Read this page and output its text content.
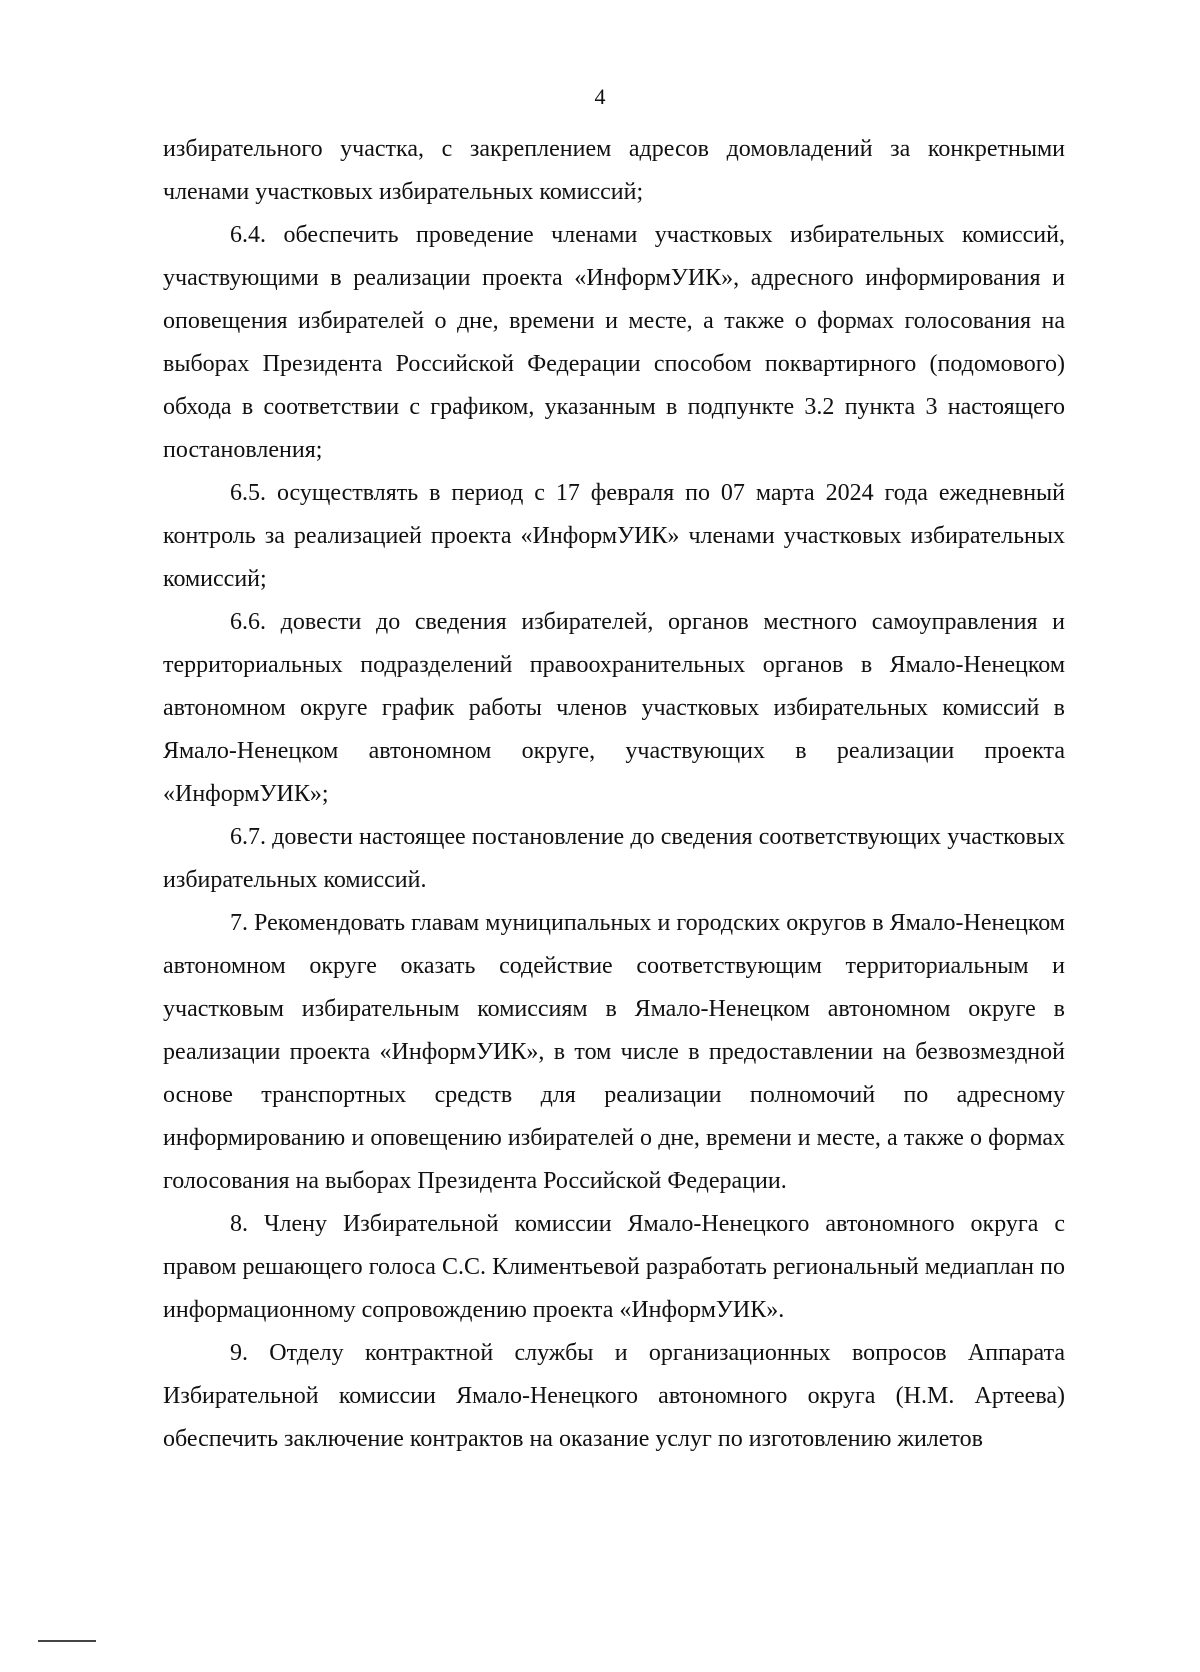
4

избирательного участка, с закреплением адресов домовладений за конкретными членами участковых избирательных комиссий;

6.4. обеспечить проведение членами участковых избирательных комиссий, участвующими в реализации проекта «ИнформУИК», адресного информирования и оповещения избирателей о дне, времени и месте, а также о формах голосования на выборах Президента Российской Федерации способом поквартирного (подомового) обхода в соответствии с графиком, указанным в подпункте 3.2 пункта 3 настоящего постановления;

6.5. осуществлять в период с 17 февраля по 07 марта 2024 года ежедневный контроль за реализацией проекта «ИнформУИК» членами участковых избирательных комиссий;

6.6. довести до сведения избирателей, органов местного самоуправления и территориальных подразделений правоохранительных органов в Ямало-Ненецком автономном округе график работы членов участковых избирательных комиссий в Ямало-Ненецком автономном округе, участвующих в реализации проекта «ИнформУИК»;

6.7. довести настоящее постановление до сведения соответствующих участковых избирательных комиссий.

7. Рекомендовать главам муниципальных и городских округов в Ямало-Ненецком автономном округе оказать содействие соответствующим территориальным и участковым избирательным комиссиям в Ямало-Ненецком автономном округе в реализации проекта «ИнформУИК», в том числе в предоставлении на безвозмездной основе транспортных средств для реализации полномочий по адресному информированию и оповещению избирателей о дне, времени и месте, а также о формах голосования на выборах Президента Российской Федерации.

8. Члену Избирательной комиссии Ямало-Ненецкого автономного округа с правом решающего голоса С.С. Климентьевой разработать региональный медиаплан по информационному сопровождению проекта «ИнформУИК».

9. Отделу контрактной службы и организационных вопросов Аппарата Избирательной комиссии Ямало-Ненецкого автономного округа (Н.М. Артеева) обеспечить заключение контрактов на оказание услуг по изготовлению жилетов
